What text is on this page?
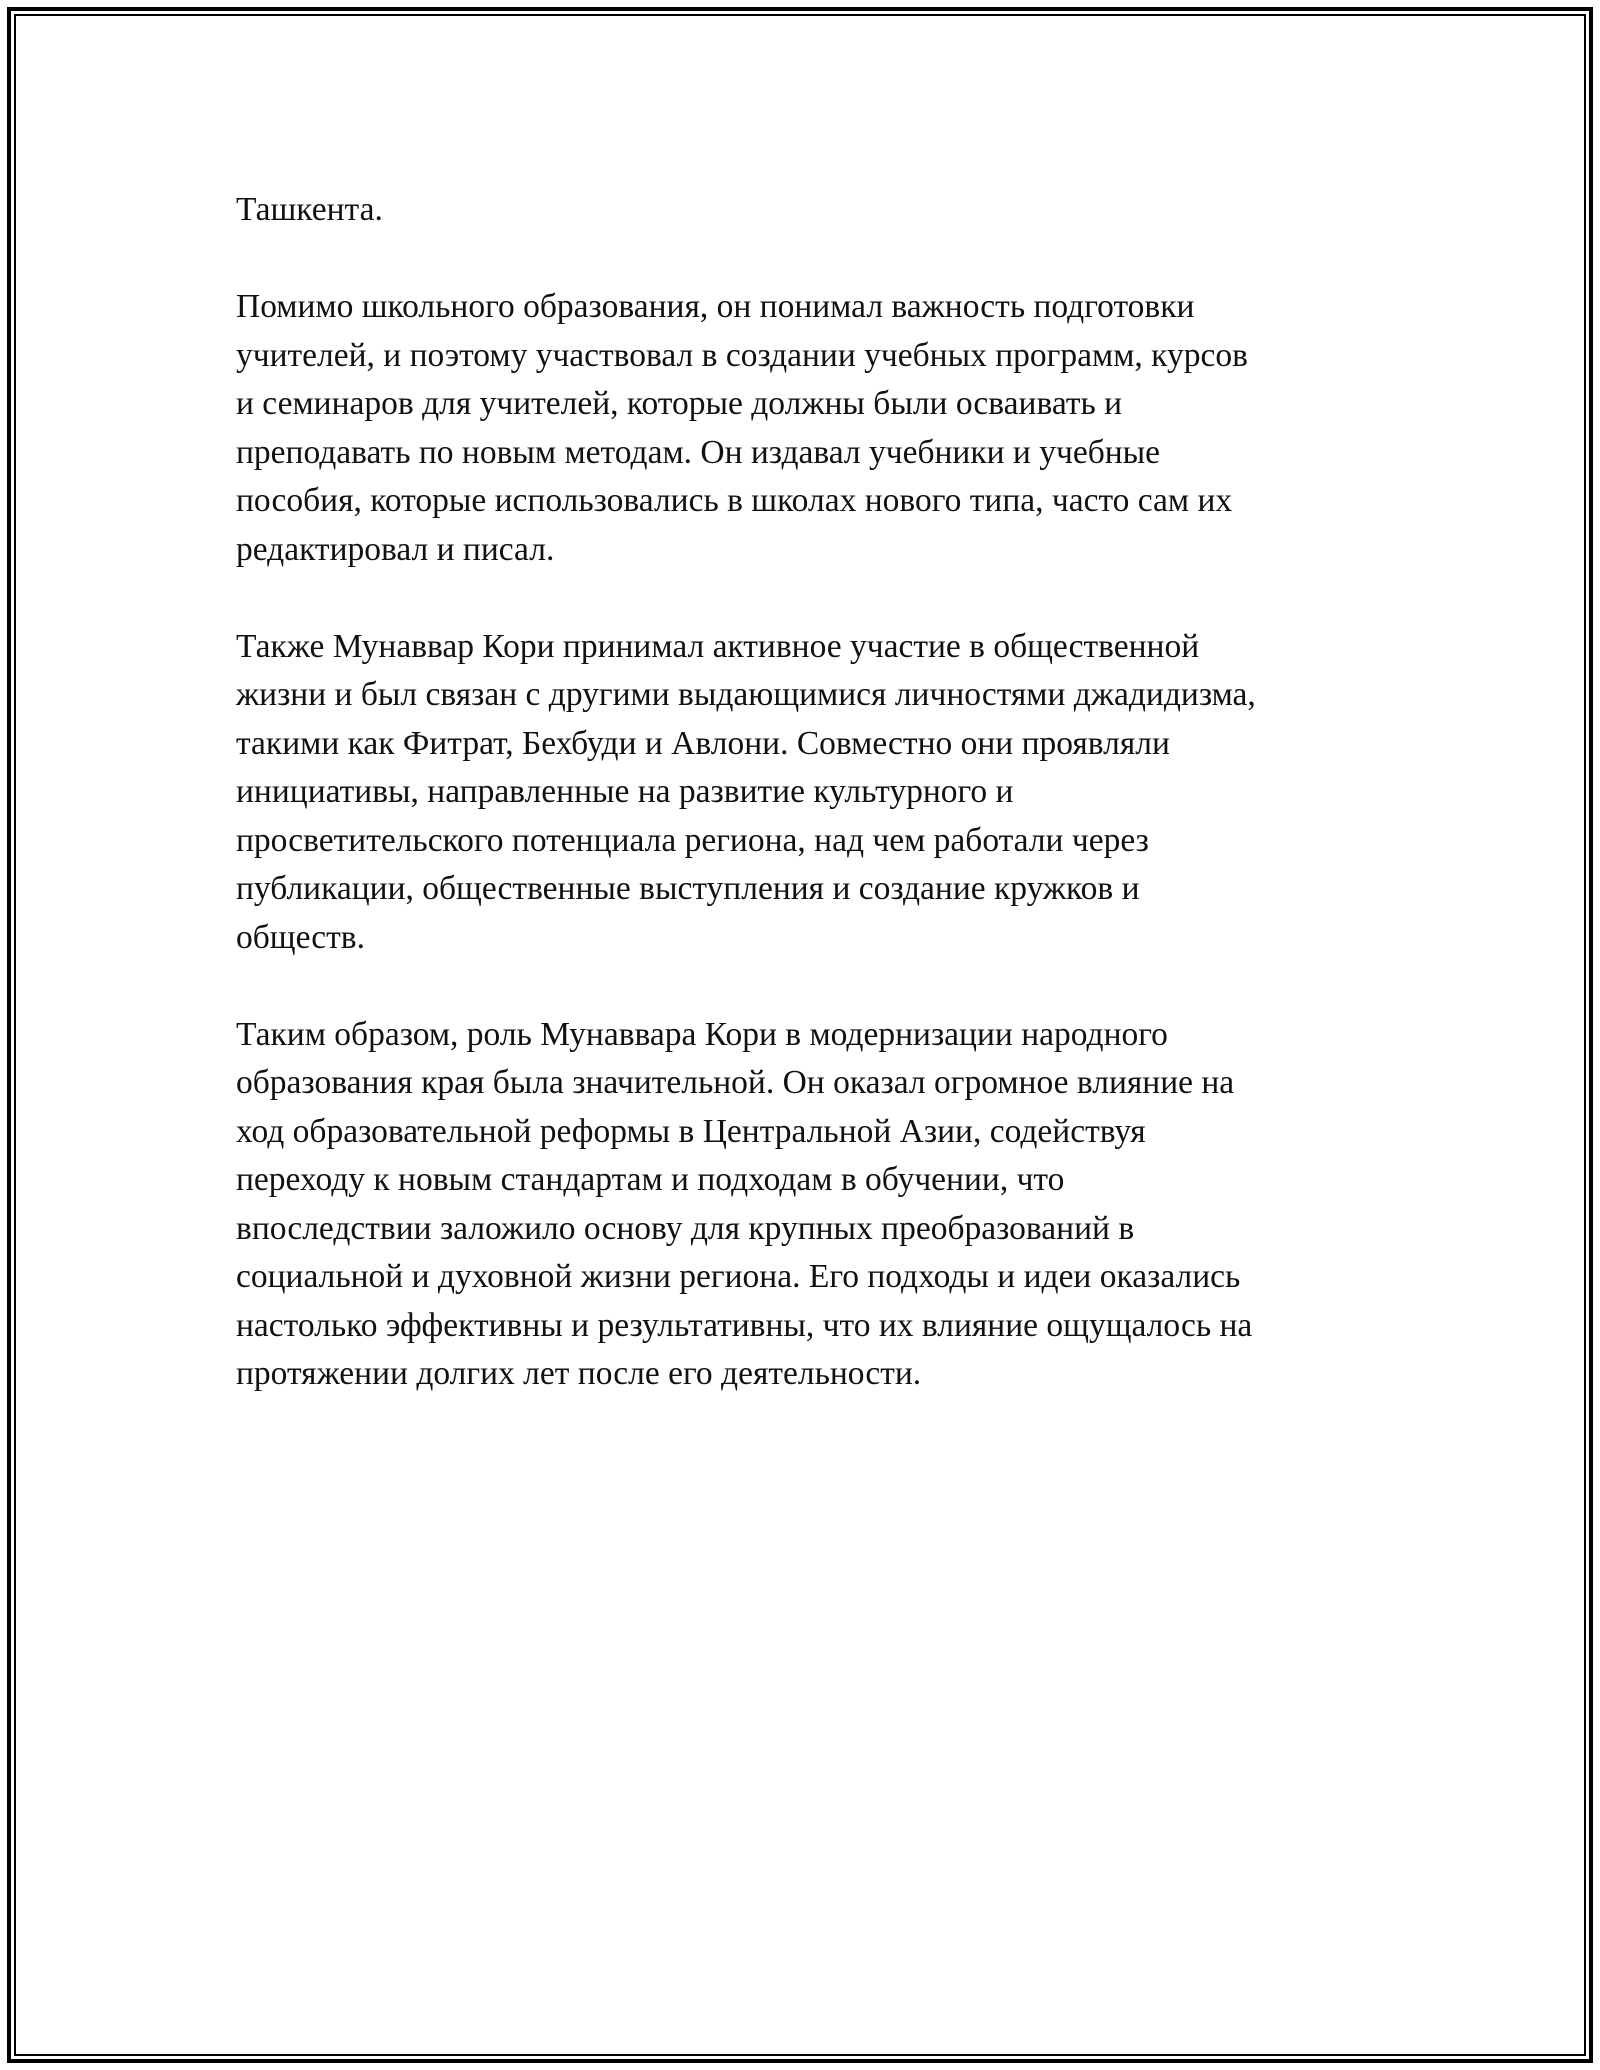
Ташкента.

Помимо школьного образования, он понимал важность подготовки
учителей, и поэтому участвовал в создании учебных программ, курсов
и семинаров для учителей, которые должны были осваивать и
преподавать по новым методам. Он издавал учебники и учебные
пособия, которые использовались в школах нового типа, часто сам их
редактировал и писал.

Также Мунаввар Кори принимал активное участие в общественной
жизни и был связан с другими выдающимися личностями джадидизма,
такими как Фитрат, Бехбуди и Авлони. Совместно они проявляли
инициативы, направленные на развитие культурного и
просветительского потенциала региона, над чем работали через
публикации, общественные выступления и создание кружков и
обществ.

Таким образом, роль Мунаввара Кори в модернизации народного
образования края была значительной. Он оказал огромное влияние на
ход образовательной реформы в Центральной Азии, содействуя
переходу к новым стандартам и подходам в обучении, что
впоследствии заложило основу для крупных преобразований в
социальной и духовной жизни региона. Его подходы и идеи оказались
настолько эффективны и результативны, что их влияние ощущалось на
протяжении долгих лет после его деятельности.
